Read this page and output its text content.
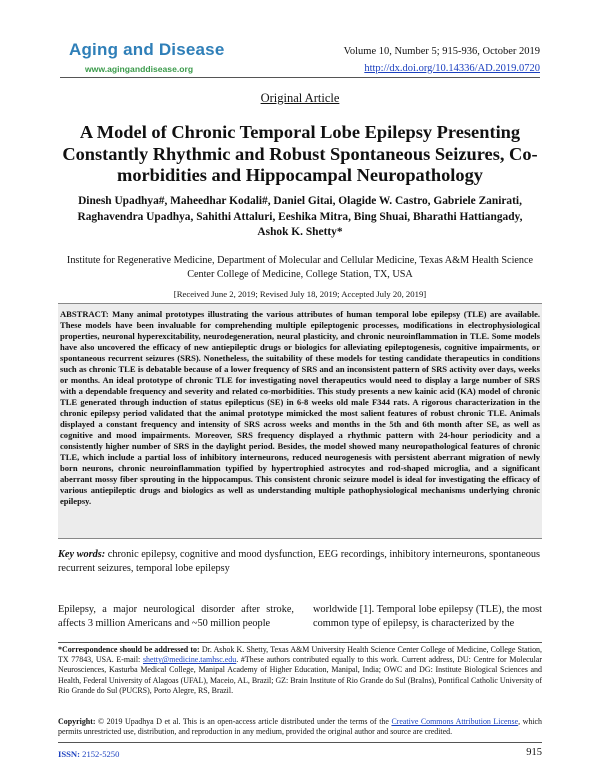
Aging and Disease
www.aginganddisease.org
Volume 10, Number 5; 915-936, October 2019
http://dx.doi.org/10.14336/AD.2019.0720
Original Article
A Model of Chronic Temporal Lobe Epilepsy Presenting Constantly Rhythmic and Robust Spontaneous Seizures, Co-morbidities and Hippocampal Neuropathology
Dinesh Upadhya#, Maheedhar Kodali#, Daniel Gitai, Olagide W. Castro, Gabriele Zanirati, Raghavendra Upadhya, Sahithi Attaluri, Eeshika Mitra, Bing Shuai, Bharathi Hattiangady, Ashok K. Shetty*
Institute for Regenerative Medicine, Department of Molecular and Cellular Medicine, Texas A&M Health Science Center College of Medicine, College Station, TX, USA
[Received June 2, 2019; Revised July 18, 2019; Accepted July 20, 2019]

ABSTRACT: Many animal prototypes illustrating the various attributes of human temporal lobe epilepsy (TLE) are available. These models have been invaluable for comprehending multiple epileptogenic processes, modifications in electrophysiological properties, neuronal hyperexcitability, neurodegeneration, neural plasticity, and chronic neuroinflammation in TLE. Some models have also uncovered the efficacy of new antiepileptic drugs or biologics for alleviating epileptogenesis, cognitive impairments, or spontaneous recurrent seizures (SRS). Nonetheless, the suitability of these models for testing candidate therapeutics in conditions such as chronic TLE is debatable because of a lower frequency of SRS and an inconsistent pattern of SRS activity over days, weeks or months. An ideal prototype of chronic TLE for investigating novel therapeutics would need to display a large number of SRS with a dependable frequency and severity and related co-morbidities. This study presents a new kainic acid (KA) model of chronic TLE generated through induction of status epilepticus (SE) in 6-8 weeks old male F344 rats. A rigorous characterization in the chronic epilepsy period validated that the animal prototype mimicked the most salient features of robust chronic TLE. Animals displayed a constant frequency and intensity of SRS across weeks and months in the 5th and 6th month after SE, as well as cognitive and mood impairments. Moreover, SRS frequency displayed a rhythmic pattern with 24-hour periodicity and a consistently higher number of SRS in the daylight period. Besides, the model showed many neuropathological features of chronic TLE, which include a partial loss of inhibitory interneurons, reduced neurogenesis with persistent aberrant migration of newly born neurons, chronic neuroinflammation typified by hypertrophied astrocytes and rod-shaped microglia, and a significant aberrant mossy fiber sprouting in the hippocampus. This consistent chronic seizure model is ideal for investigating the efficacy of various antiepileptic drugs and biologics as well as understanding multiple pathophysiological mechanisms underlying chronic epilepsy.

Key words: chronic epilepsy, cognitive and mood dysfunction, EEG recordings, inhibitory interneurons, spontaneous recurrent seizures, temporal lobe epilepsy

Epilepsy, a major neurological disorder after stroke, affects 3 million Americans and ~50 million people

worldwide [1]. Temporal lobe epilepsy (TLE), the most common type of epilepsy, is characterized by the

*Correspondence should be addressed to: Dr. Ashok K. Shetty, Texas A&M University Health Science Center College of Medicine, College Station, TX 77843, USA. E-mail: shetty@medicine.tamhsc.edu. #These authors contributed equally to this work. Current address, DU: Centre for Molecular Neurosciences, Kasturba Medical College, Manipal Academy of Higher Education, Manipal, India; OWC and DG: Institute Biological Sciences and Health, Federal University of Alagoas (UFAL), Maceio, AL, Brazil; GZ: Brain Institute of Rio Grande do Sul (BraIns), Pontifical Catholic University of Rio Grande do Sul (PUCRS), Porto Alegre, RS, Brazil.

Copyright: © 2019 Upadhya D et al. This is an open-access article distributed under the terms of the Creative Commons Attribution License, which permits unrestricted use, distribution, and reproduction in any medium, provided the original author and source are credited.

ISSN: 2152-5250	915
